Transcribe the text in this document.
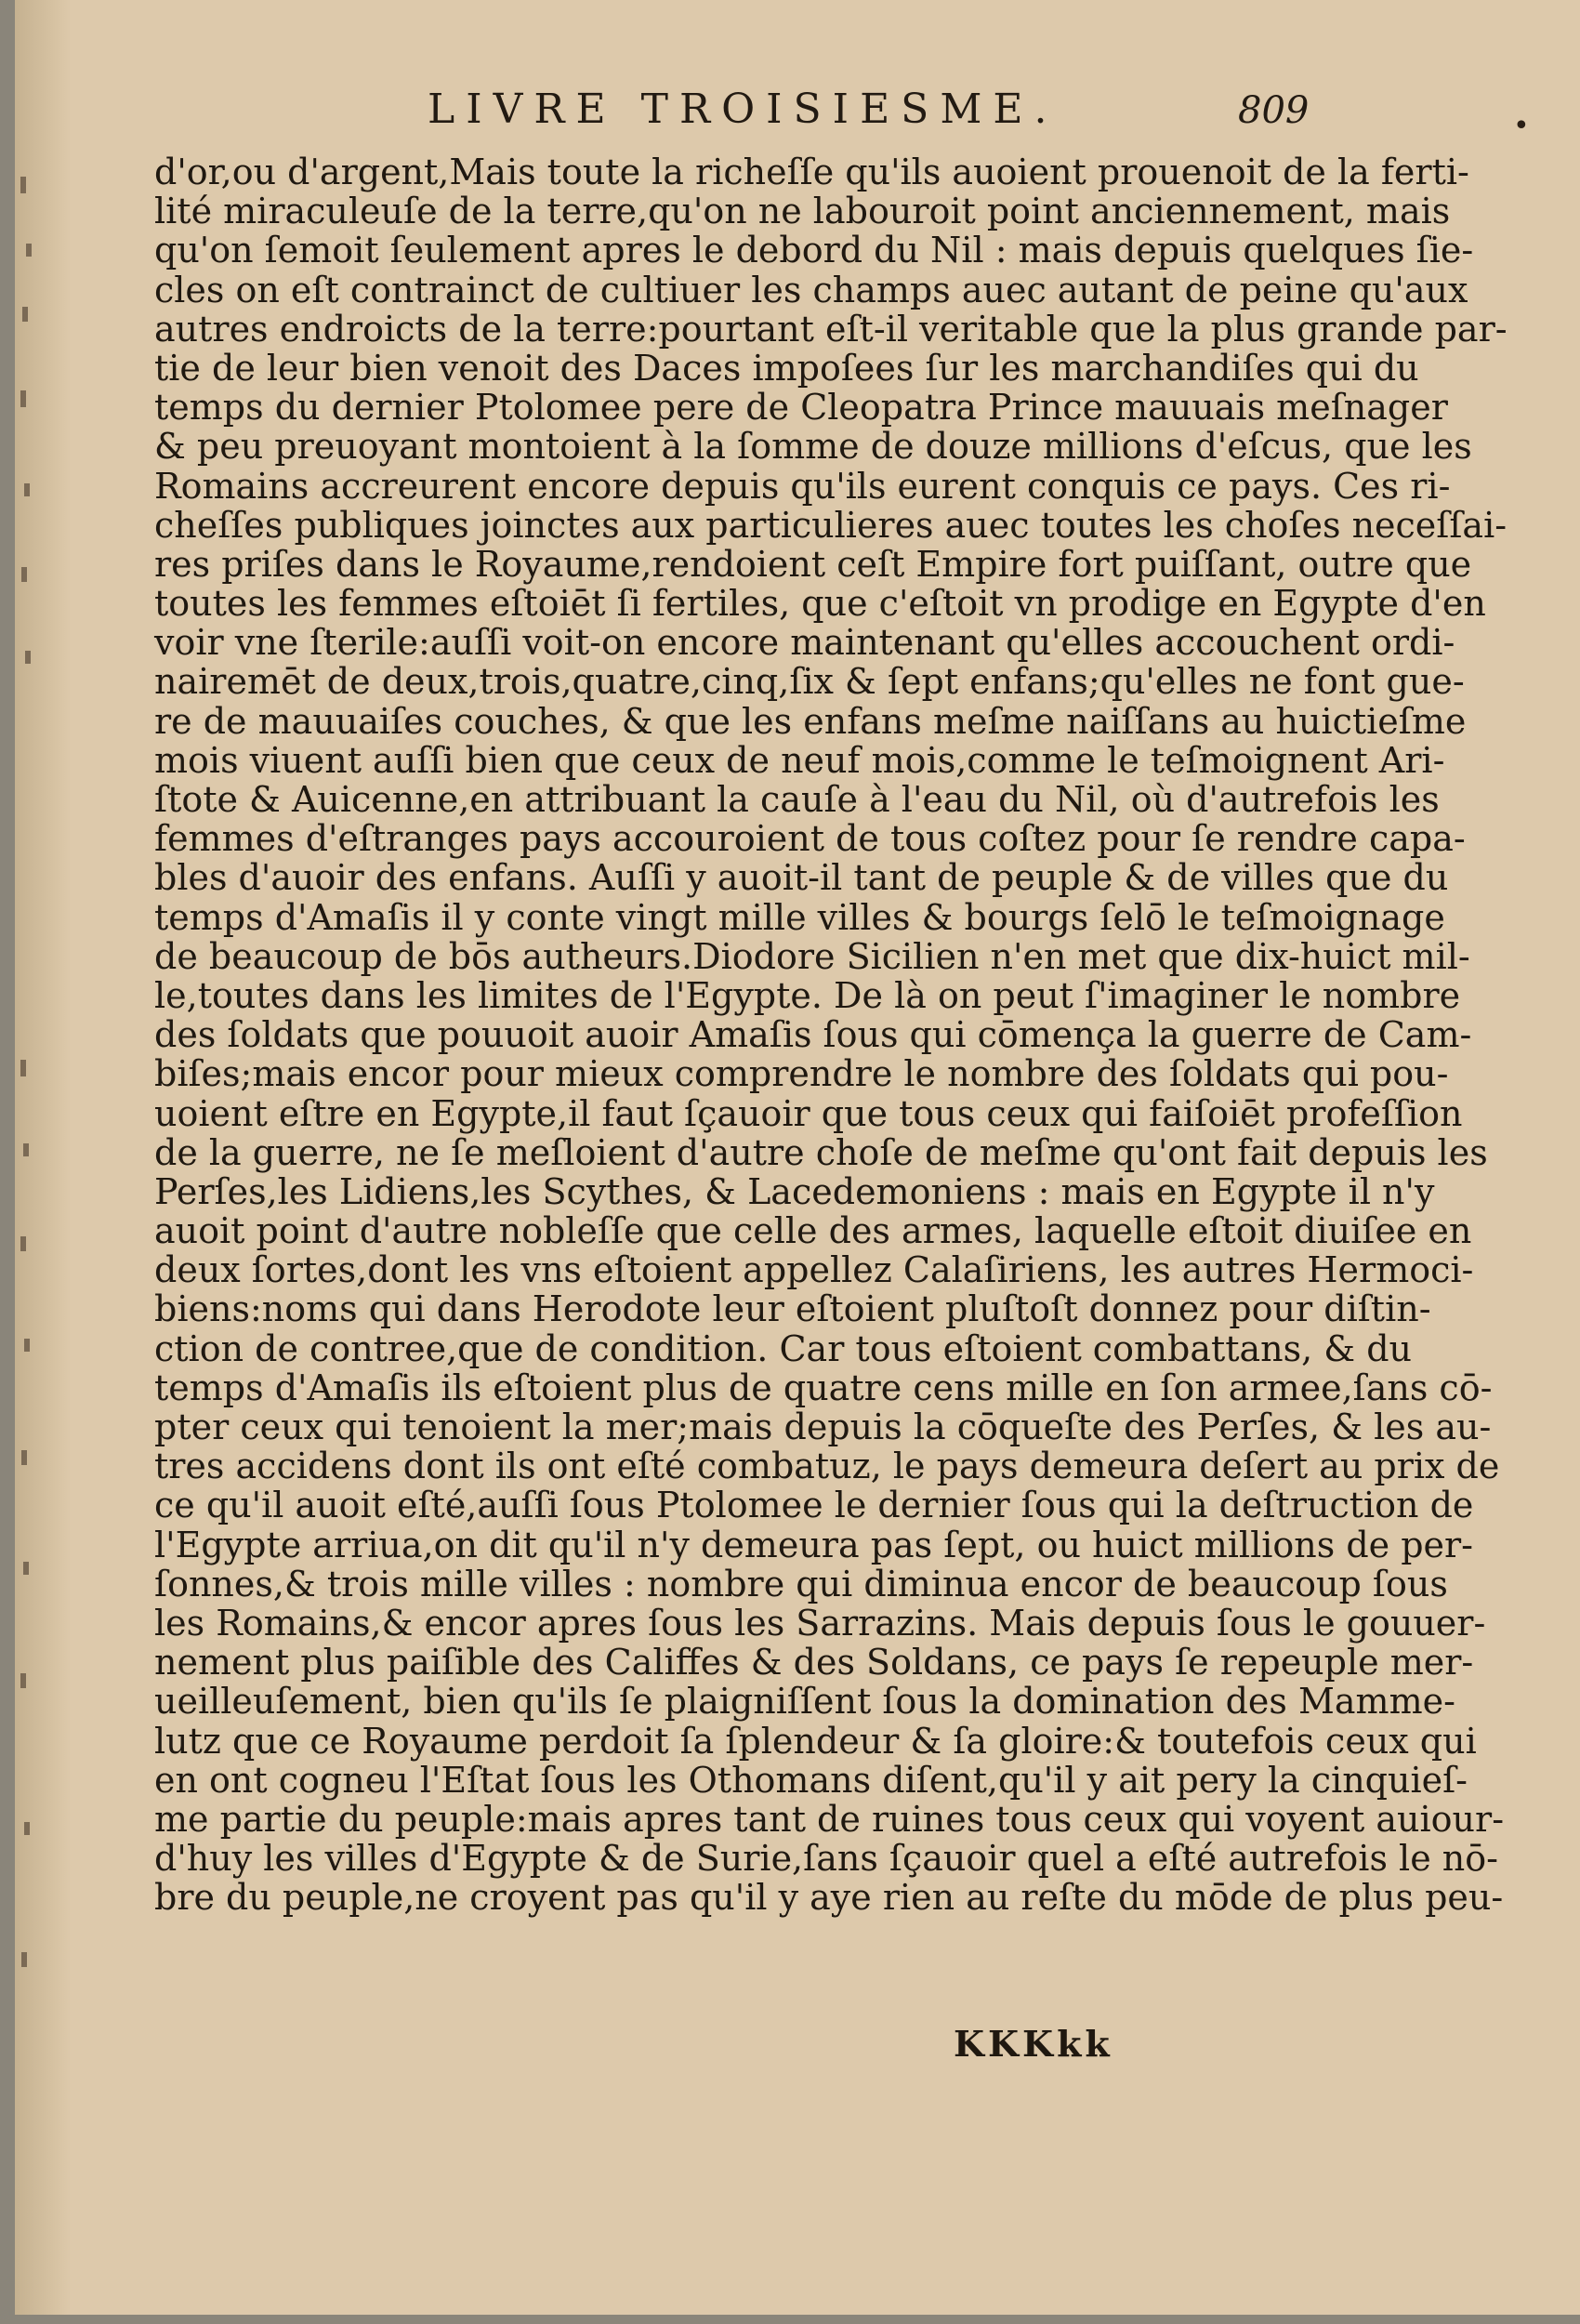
LIVRE TROISIESME.	809	•
d'or,ou d'argent,Mais toute la richeſſe qu'ils auoient prouenoit de la ferti-
lité miraculeuſe de la terre,qu'on ne labouroit point anciennement, mais
qu'on ſemoit ſeulement apres le debord du Nil : mais depuis quelques ſie-
cles on eſt contrainct de cultiuer les champs auec autant de peine qu'aux
autres endroicts de la terre:pourtant eſt-il veritable que la plus grande par-
tie de leur bien venoit des Daces impoſees ſur les marchandiſes qui du
temps du dernier Ptolomee pere de Cleopatra Prince mauuais meſnager
& peu preuoyant montoient à la ſomme de douze millions d'eſcus, que les
Romains accreurent encore depuis qu'ils eurent conquis ce pays. Ces ri-
cheſſes publiques joinctes aux particulieres auec toutes les choſes neceſſai-
res priſes dans le Royaume,rendoient ceſt Empire fort puiſſant, outre que
toutes les femmes eſtoiēt ſi fertiles, que c'eſtoit vn prodige en Egypte d'en
voir vne ſterile:auſſi voit-on encore maintenant qu'elles accouchent ordi-
nairemēt de deux,trois,quatre,cinq,ſix & ſept enfans;qu'elles ne font gue-
re de mauuaiſes couches, & que les enfans meſme naiſſans au huictieſme
mois viuent auſſi bien que ceux de neuf mois,comme le teſmoignent Ari-
ſtote & Auicenne,en attribuant la cauſe à l'eau du Nil, où d'autrefois les
femmes d'eſtranges pays accouroient de tous coſtez pour ſe rendre capa-
bles d'auoir des enfans. Auſſi y auoit-il tant de peuple & de villes que du
temps d'Amaſis il y conte vingt mille villes & bourgs ſelō le teſmoignage
de beaucoup de bōs autheurs.Diodore Sicilien n'en met que dix-huict mil-
le,toutes dans les limites de l'Egypte. De là on peut ſ'imaginer le nombre
des ſoldats que pouuoit auoir Amaſis ſous qui cōmença la guerre de Cam-
biſes;mais encor pour mieux comprendre le nombre des ſoldats qui pou-
uoient eſtre en Egypte,il faut ſçauoir que tous ceux qui faiſoiēt profeſſion
de la guerre, ne ſe meſloient d'autre choſe de meſme qu'ont fait depuis les
Perſes,les Lidiens,les Scythes, & Lacedemoniens : mais en Egypte il n'y
auoit point d'autre nobleſſe que celle des armes, laquelle eſtoit diuiſee en
deux ſortes,dont les vns eſtoient appellez Calaſiriens, les autres Hermoci-
biens:noms qui dans Herodote leur eſtoient pluſtoſt donnez pour diſtin-
ction de contree,que de condition. Car tous eſtoient combattans, & du
temps d'Amaſis ils eſtoient plus de quatre cens mille en ſon armee,ſans cō-
pter ceux qui tenoient la mer;mais depuis la cōqueſte des Perſes, & les au-
tres accidens dont ils ont eſté combatuz, le pays demeura deſert au prix de
ce qu'il auoit eſté,auſſi ſous Ptolomee le dernier ſous qui la deſtruction de
l'Egypte arriua,on dit qu'il n'y demeura pas ſept, ou huict millions de per-
ſonnes,& trois mille villes : nombre qui diminua encor de beaucoup ſous
les Romains,& encor apres ſous les Sarrazins. Mais depuis ſous le gouuer-
nement plus paiſible des Califfes & des Soldans, ce pays ſe repeuple mer-
ueilleuſement, bien qu'ils ſe plaigniſſent ſous la domination des Mamme-
lutz que ce Royaume perdoit ſa ſplendeur & ſa gloire:& toutefois ceux qui
en ont cogneu l'Eſtat ſous les Othomans diſent,qu'il y ait pery la cinquieſ-
me partie du peuple:mais apres tant de ruines tous ceux qui voyent auiour-
d'huy les villes d'Egypte & de Surie,ſans ſçauoir quel a eſté autrefois le nō-
bre du peuple,ne croyent pas qu'il y aye rien au reſte du mōde de plus peu-
KKKkk
